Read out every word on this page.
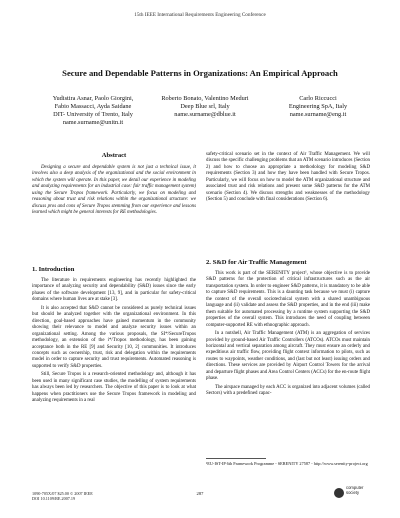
15th IEEE International Requirements Engineering Conference
Secure and Dependable Patterns in Organizations: An Empirical Approach
Yudistira Asnar, Paolo Giorgini,
Fabio Massacci, Ayda Saidane
DIT- University of Trento, Italy
name.surname@unitn.it
Roberto Bonato, Valentino Meduri
Deep Blue srl, Italy
name.surname@dblue.it
Carlo Riccucci
Engineering SpA, Italy
name.surname@eng.it
Abstract

Designing a secure and dependable system is not just a technical issue, it involves also a deep analysis of the organizational and the social environment in which the system will operate. In this paper, we detail our experience in modeling and analyzing requirements for an industrial case: fair traffic management system) using the Secure Tropos framework. Particularly, we focus on modeling and reasoning about trust and risk relations within the organizational structure: we discuss pros and cons of Secure Tropos stemming from our experience and lessons learned which might be general interests for RE methodologies.

1. Introduction

The literature in requirements engineering has recently highlighted the importance of analyzing security and dependability (S&D) issues since the early phases of the software development [13, 9], and in particular for safety-critical domains where human lives are at stake [3].

It is also accepted that S&D cannot be considered as purely technical issues but should be analyzed together with the organizational environment. In this direction, goal-based approaches have gained momentum in the community showing their relevance to model and analyze security issues within an organizational setting. Among the various proposals, the SI*/SecureTropos methodology, an extension of the i*/Tropos methodology, has been gaining acceptance both in the RE [9] and Security [10, 2] communities. It introduces concepts such as ownership, trust, risk and delegation within the requirements model in order to capture security and trust requirements. Automated reasoning is supported to verify S&D properties.

Still, Secure Tropos is a research-oriented methodology and, although it has been used in many significant case studies, the modelling of system requirements has always been led by researchers. The objective of this paper is to look at what happens when practitioners use the Secure Tropos framework in modeling and analyzing requirements in a real

safety-critical scenario set in the context of Air Traffic Management. We will discuss the specific challenging problems that an ATM scenario introduces (Section 2) and how to choose an appropriate a methodology for modeling S&D requirements (Section 3) and how they have been handled with Secure Tropos. Particularly, we will focus on how to model the ATM organizational structure and associated trust and risk relations and present some S&D patterns for the ATM scenario (Section 4). We discuss strengths and weaknesses of the methodology (Section 5) and conclude with final considerations (Section 6).

2. S&D for Air Traffic Management

This work is part of the SERENITY project¹, whose objective is to provide S&D patterns for the protection of critical infrastructures such as the air transportation system. In order to engineer S&D patterns, it is mandatory to be able to capture S&D requirements. This is a daunting task because we must (i) capture the context of the overall sociotechnical system with a shared unambiguous language and (ii) validate and assess the S&D properties, and in the end (iii) make them suitable for automated processing by a runtime system supporting the S&D properties of the overall system. This introduces the need of coupling between computer-supported RE with ethnographic approach.

In a nutshell, Air Traffic Management (ATM) is an aggregation of services provided by ground-based Air Traffic Controllers (ATCOs). ATCOs must maintain horizontal and vertical separation among aircraft. They must ensure an orderly and expeditious air traffic flow, providing flight context information to pilots, such as routes to waypoints, weather conditions, and (last but not least) issuing orders and directions. These services are provided by Airport Control Towers for the arrival and departure flight phases and Area Control Centers (ACCs) for the en-route flight phase.

The airspace managed by each ACC is organized into adjacent volumes (called Sectors) with a predefined capac-

¹EU-IST-IP 6th Framework Programme - SERENITY 27587 - http://www.serenity-project.org
1090-705X/07 $25.00 © 2007 IEEE
DOI 10.1109/RE.2007.19
287
computer
society
